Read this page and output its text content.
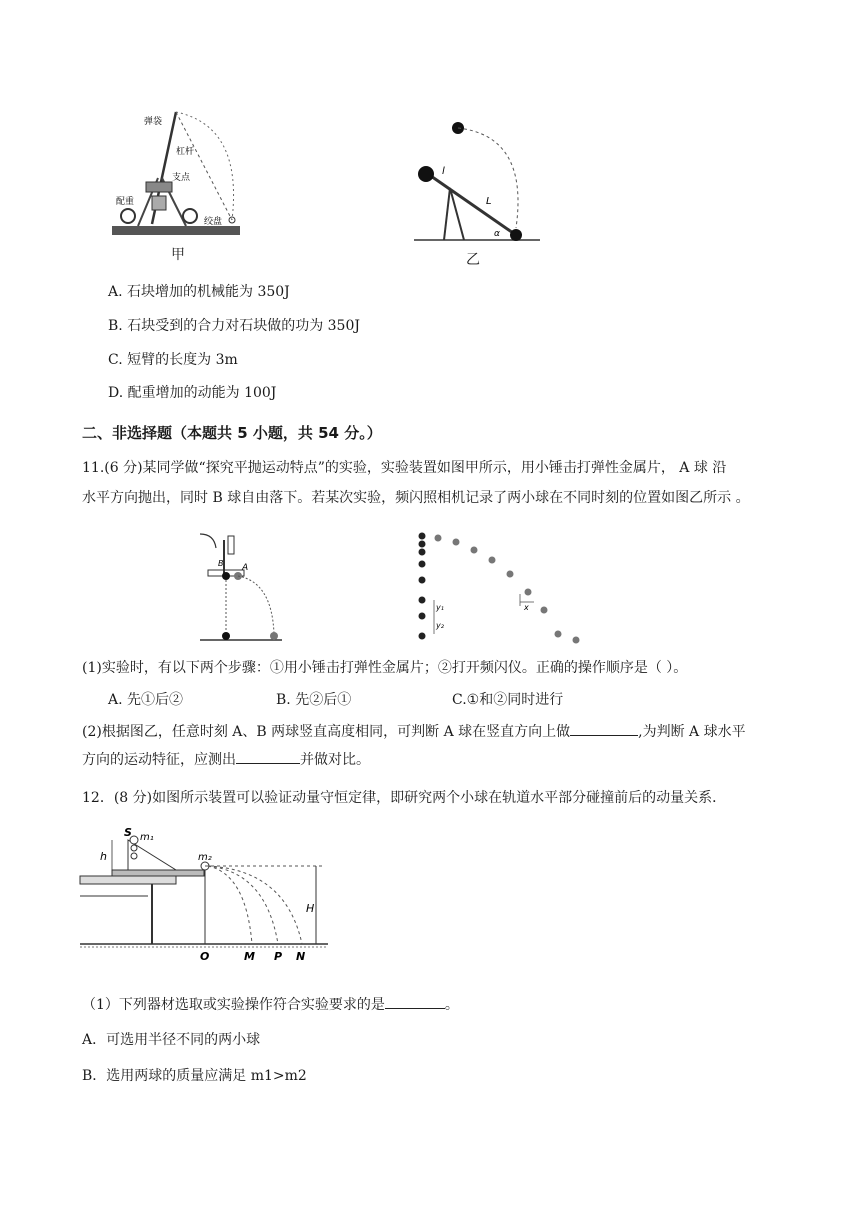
弹袋
杠杆
支点
配重
绞盘
甲
l
L
α
乙
A. 石块增加的机械能为 350J
B. 石块受到的合力对石块做的功为 350J
C. 短臂的长度为 3m
D. 配重增加的动能为 100J
二、非选择题（本题共 5 小题，共 54 分。）
11.(6 分)某同学做“探究平抛运动特点”的实验，实验装置如图甲所示，用小锤击打弹性金属片， A 球 沿
水平方向抛出，同时 B 球自由落下。若某次实验，频闪照相机记录了两小球在不同时刻的位置如图乙所示 。
A
B
y₁
y₂
x
(1)实验时，有以下两个步骤：①用小锤击打弹性金属片；②打开频闪仪。正确的操作顺序是（ ）。
A. 先①后②	B. 先②后①	C.①和②同时进行
(2)根据图乙，任意时刻 A、B 两球竖直高度相同，可判断 A 球在竖直方向上做	,为判断 A 球水平
方向的运动特征，应测出	并做对比。
12．(8 分)如图所示装置可以验证动量守恒定律，即研究两个小球在轨道水平部分碰撞前后的动量关系．
S m₁
m₂
h
H
O	M P N
（1）下列器材选取或实验操作符合实验要求的是	。
A．可选用半径不同的两小球
B．选用两球的质量应满足 m1>m2
